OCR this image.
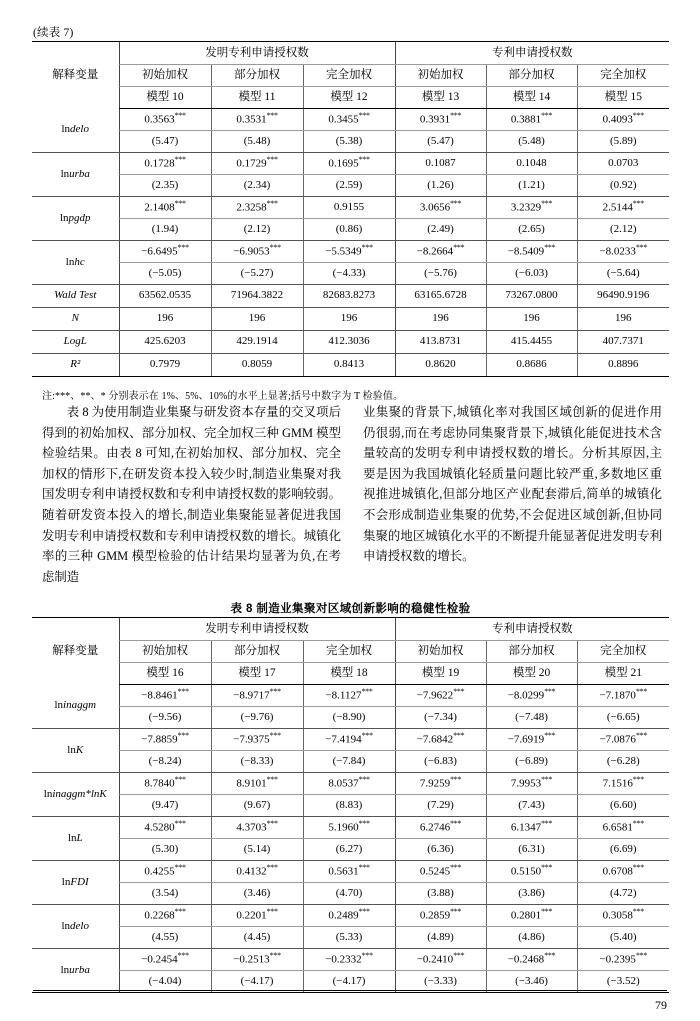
(续表 7)
解释变量	发明专利申请授权数			专利申请授权数		
	初始加权	部分加权	完全加权	初始加权	部分加权	完全加权
	模型 10	模型 11	模型 12	模型 13	模型 14	模型 15
lndelo	0.3563***	0.3531***	0.3455***	0.3931***	0.3881***	0.4093***
	(5.47)	(5.48)	(5.38)	(5.47)	(5.48)	(5.89)
lnurba	0.1728***	0.1729***	0.1695***	0.1087	0.1048	0.0703
	(2.35)	(2.34)	(2.59)	(1.26)	(1.21)	(0.92)
lnpgdp	2.1408***	2.3258***	0.9155	3.0656***	3.2329***	2.5144***
	(1.94)	(2.12)	(0.86)	(2.49)	(2.65)	(2.12)
lnhc	−6.6495***	−6.9053***	−5.5349***	−8.2664***	−8.5409***	−8.0233***
	(−5.05)	(−5.27)	(−4.33)	(−5.76)	(−6.03)	(−5.64)
Wald Test	63562.0535	71964.3822	82683.8273	63165.6728	73267.0800	96490.9196
N	196	196	196	196	196	196
LogL	425.6203	429.1914	412.3036	413.8731	415.4455	407.7371
R²	0.7979	0.8059	0.8413	0.8620	0.8686	0.8896
注:***、**、* 分别表示在 1%、5%、10%的水平上显著;括号中数字为 T 检验值。

表 8 为使用制造业集聚与研发资本存量的交叉项后得到的初始加权、部分加权、完全加权三种 GMM 模型检验结果。由表 8 可知,在初始加权、部分加权、完全加权的情形下,在研发资本投入较少时,制造业集聚对我国发明专利申请授权数和专利申请授权数的影响较弱。随着研发资本投入的增长,制造业集聚能显著促进我国发明专利申请授权数和专利申请授权数的增长。城镇化率的三种 GMM 模型检验的估计结果均显著为负,在考虑制造

业集聚的背景下,城镇化率对我国区域创新的促进作用仍很弱,而在考虑协同集聚背景下,城镇化能促进技术含量较高的发明专利申请授权数的增长。分析其原因,主要是因为我国城镇化轻质量问题比较严重,多数地区重视推进城镇化,但部分地区产业配套滞后,简单的城镇化不会形成制造业集聚的优势,不会促进区域创新,但协同集聚的地区城镇化水平的不断提升能显著促进发明专利申请授权数的增长。

表 8 制造业集聚对区域创新影响的稳健性检验
解释变量	发明专利申请授权数			专利申请授权数		
	初始加权	部分加权	完全加权	初始加权	部分加权	完全加权
	模型 16	模型 17	模型 18	模型 19	模型 20	模型 21
lninaggm	−8.8461***	−8.9717***	−8.1127***	−7.9622***	−8.0299***	−7.1870***
	(−9.56)	(−9.76)	(−8.90)	(−7.34)	(−7.48)	(−6.65)
lnK	−7.8859***	−7.9375***	−7.4194***	−7.6842***	−7.6919***	−7.0876***
	(−8.24)	(−8.33)	(−7.84)	(−6.83)	(−6.89)	(−6.28)
lninaggm*lnK	8.7840***	8.9101***	8.0537***	7.9259***	7.9953***	7.1516***
	(9.47)	(9.67)	(8.83)	(7.29)	(7.43)	(6.60)
lnL	4.5280***	4.3703***	5.1960***	6.2746***	6.1347***	6.6581***
	(5.30)	(5.14)	(6.27)	(6.36)	(6.31)	(6.69)
lnFDI	0.4255***	0.4132***	0.5631***	0.5245***	0.5150***	0.6708***
	(3.54)	(3.46)	(4.70)	(3.88)	(3.86)	(4.72)
lndelo	0.2268***	0.2201***	0.2489***	0.2859***	0.2801***	0.3058***
	(4.55)	(4.45)	(5.33)	(4.89)	(4.86)	(5.40)
lnurba	−0.2454***	−0.2513***	−0.2332***	−0.2410***	−0.2468***	−0.2395***
	(−4.04)	(−4.17)	(−4.17)	(−3.33)	(−3.46)	(−3.52)
79
